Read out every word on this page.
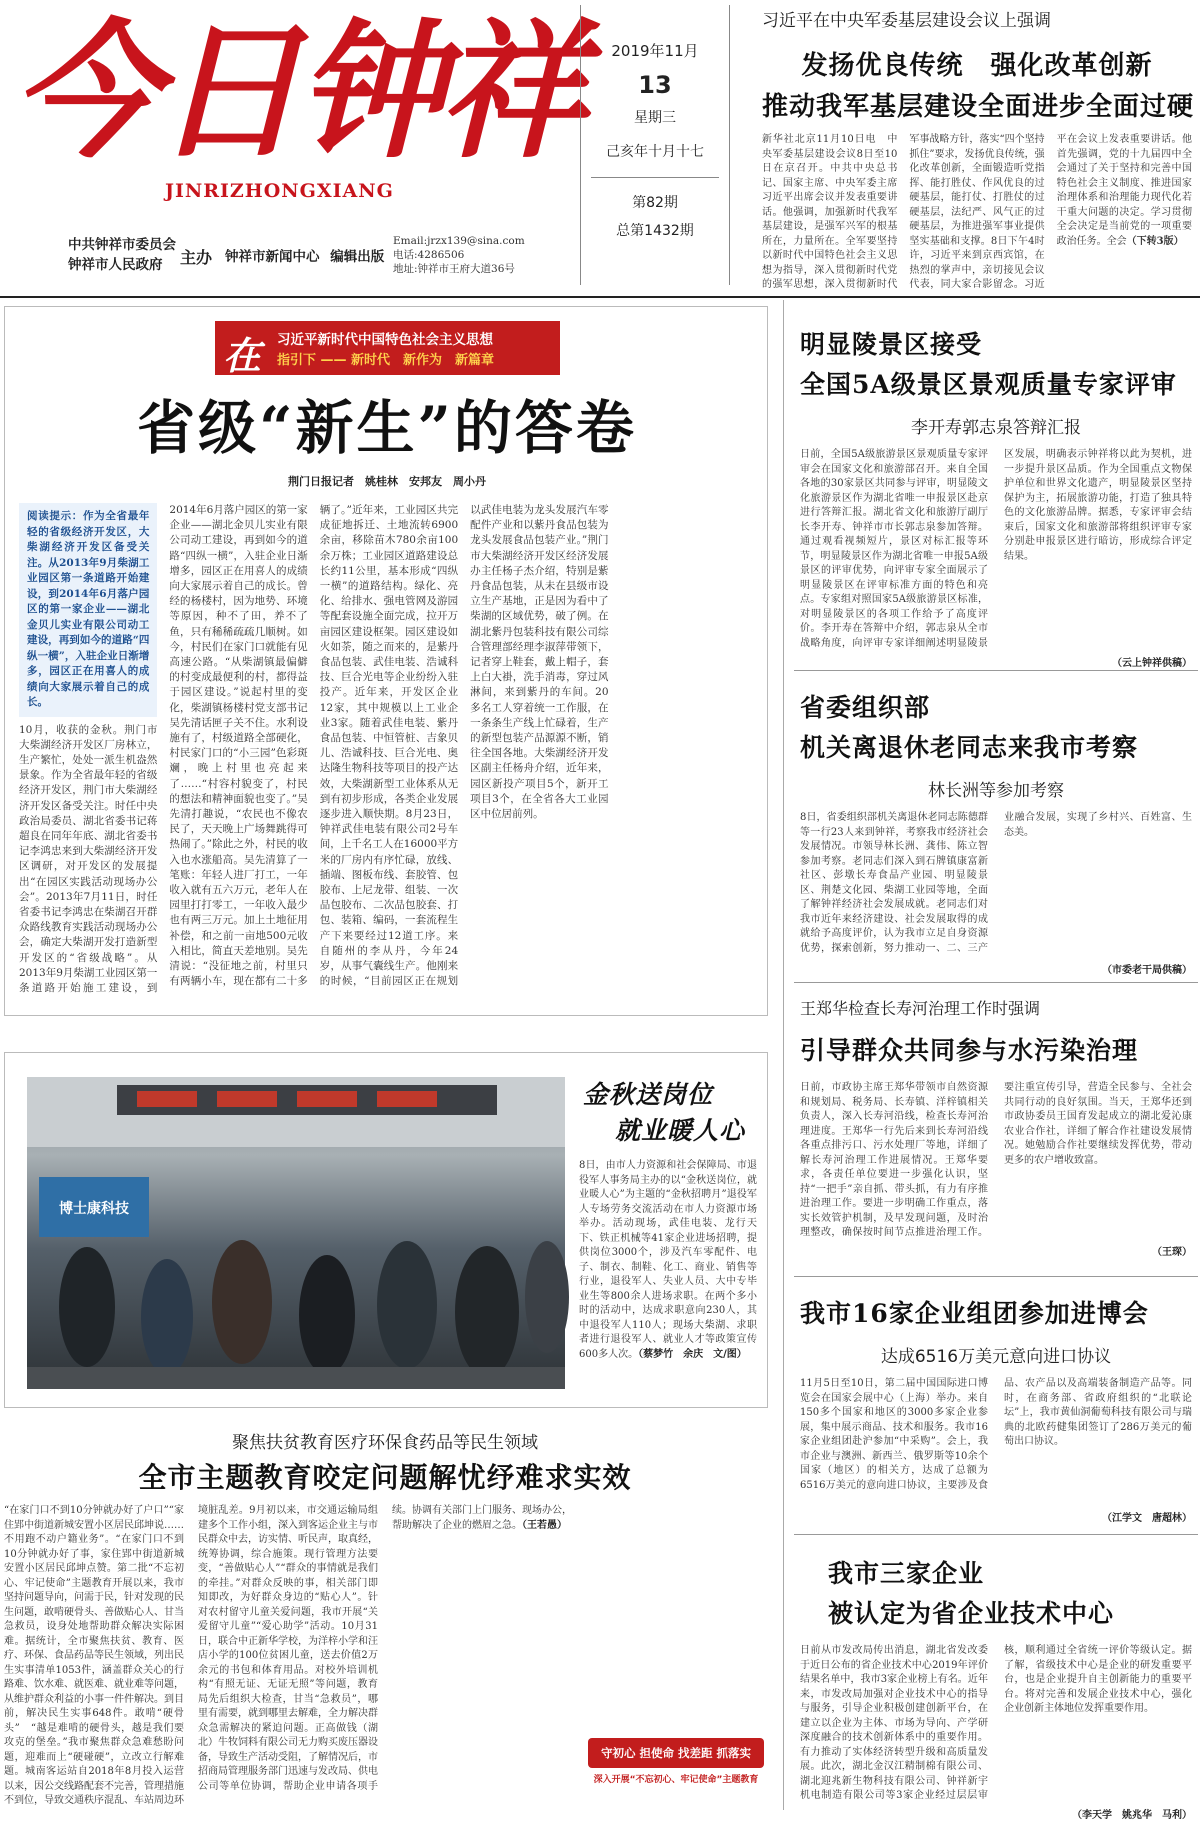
今日钟祥
JINRIZHONGXIANG
中共钟祥市委员会
钟祥市人民政府	主办 钟祥市新闻中心 编辑出版
Email:jrzx139@sina.com
电话:4286506
地址:钟祥市王府大道36号
2019年11月
13
星期三
己亥年十月十七
第82期
总第1432期
习近平在中央军委基层建设会议上强调
发扬优良传统　强化改革创新
推动我军基层建设全面进步全面过硬
新华社北京11月10日电　中央军委基层建设会议8日至10日在京召开。中共中央总书记、国家主席、中央军委主席习近平出席会议并发表重要讲话。他强调，加强新时代我军基层建设，是强军兴军的根基所在，力量所在。全军要坚持以新时代中国特色社会主义思想为指导，深入贯彻新时代党的强军思想，深入贯彻新时代军事战略方针，落实“四个坚持抓住”要求，发扬优良传统，强化改革创新，全面锻造听党指挥、能打胜仗、作风优良的过硬基层，能打仗、打胜仗的过硬基层，法纪严、风气正的过硬基层，为推进强军事业提供坚实基础和支撑。8日下午4时许，习近平来到京西宾馆，在热烈的掌声中，亲切接见会议代表，同大家合影留念。习近平在会议上发表重要讲话。他首先强调，党的十九届四中全会通过了关于坚持和完善中国特色社会主义制度、推进国家治理体系和治理能力现代化若干重大问题的决定。学习贯彻全会决定是当前党的一项重要政治任务。全会（下转3版）
在 习近平新时代中国特色社会主义思想
指引下 —— 新时代　新作为　新篇章
省级“新生”的答卷
荆门日报记者　姚桂林　安邦友　周小丹
阅读提示：作为全省最年轻的省级经济开发区，大柴湖经济开发区备受关注。从2013年9月柴湖工业园区第一条道路开始建设，到2014年6月落户园区的第一家企业——湖北金贝儿实业有限公司动工建设，再到如今的道路“四纵一横”，入驻企业日渐增多，园区正在用喜人的成绩向大家展示着自己的成长。
10月，收获的金秋。荆门市大柴湖经济开发区厂房林立，生产繁忙，处处一派生机盎然景象。作为全省最年轻的省级经济开发区，荆门市大柴湖经济开发区备受关注。时任中央政治局委员、湖北省委书记蒋超良在同年年底、湖北省委书记李鸿忠来到大柴湖经济开发区调研，对开发区的发展提出“在园区实践活动现场办公会”。2013年7月11日，时任省委书记李鸿忠在柴湖召开群众路线教育实践活动现场办公会，确定大柴湖开发打造新型开发区的“省级战略”。从2013年9月柴湖工业园区第一条道路开始施工建设，到2014年6月落户园区的第一家企业——湖北金贝儿实业有限公司动工建设，再到如今的道路“四纵一横”，入驻企业日渐增多，园区正在用喜人的成绩向大家展示着自己的成长。曾经的杨楼村，因为地势、环境等原因，种不了田，养不了鱼，只有稀稀疏疏几顺树。如今，村民们在家门口就能有见高速公路。“从柴湖镇最偏僻的村变成最便利的村，都得益于园区建设。”说起村里的变化，柴湖镇杨楼村党支部书记吴先清话匣子关不住。水利设施有了，村级道路全部硬化，村民家门口的“小三园”色彩斑斓，晚上村里也亮起来了……“村容村貌变了，村民的想法和精神面貌也变了。”吴先清打趣说，“农民也不像农民了，天天晚上广场舞跳得可热闹了。”除此之外，村民的收入也水涨船高。吴先清算了一笔账：年轻人进厂打工，一年收入就有五六万元，老年人在园里打打零工，一年收入最少也有两三万元。加上土地征用补偿，和之前一亩地500元收入相比，简直天差地别。吴先清说：“没征地之前，村里只有两辆小车，现在都有二十多辆了。”近年来，工业园区共完成征地拆迁、土地流转6900余亩，移除苗木780余亩100余万株；工业园区道路建设总长约11公里，基本形成“四纵一横”的道路结构。绿化、亮化、给排水、强电管网及游园等配套设施全面完成，拉开万亩园区建设框架。园区建设如火如荼，随之而来的，是紫丹食品包装、武佳电装、浩诚科技、巨合光电等企业纷纷入驻投产。近年来，开发区企业12家，其中规模以上工业企业3家。随着武佳电装、紫丹食品包装、中恒管桩、吉象贝儿、浩诚科技、巨合光电、奥达隆生物科技等项目的投产达效，大柴湖新型工业体系从无到有初步形成，各类企业发展逐步进入顺快期。8月23日，钟祥武佳电装有限公司2号车间，上千名工人在16000平方米的厂房内有序忙碌，放线、插端、图板布线、套胶管、包胶布、上尼龙带、组装、一次品包胶布、二次品包胶套、打包、装箱、编码，一套流程生产下来要经过12道工序。来自随州的李从丹，今年24岁，从事气囊线生产。他刚来的时候，“目前园区正在规划以武佳电装为龙头发展汽车零配件产业和以紫丹食品包装为龙头发展食品包装产业。”荆门市大柴湖经济开发区经济发展办主任杨子杰介绍，特别是紫丹食品包装，从未在县级市设立生产基地，正是因为看中了柴湖的区域优势，破了例。在湖北紫丹包装科技有限公司综合管理部经理李淑萍带领下，记者穿上鞋套，戴上帽子，套上白大褂，洗手消毒，穿过风淋间，来到紫丹的车间。20多名工人穿着统一工作服，在一条条生产线上忙碌着，生产的新型包装产品源源不断，销往全国各地。大柴湖经济开发区副主任杨舟介绍，近年来，园区新投产项目5个，新开工项目3个，在全省各大工业园区中位居前列。
博士康科技
金秋送岗位
就业暖人心
8日，由市人力资源和社会保障局、市退役军人事务局主办的以“金秋送岗位，就业暖人心”为主题的“金秋招聘月”退役军人专场劳务交流活动在市人力资源市场举办。活动现场，武佳电装、龙行天下、铁正机械等41家企业进场招聘，提供岗位3000个，涉及汽车零配件、电子、制衣、制鞋、化工、商业、销售等行业，退役军人、失业人员、大中专毕业生等800余人进场求职。在两个多小时的活动中，达成求职意向230人，其中退役军人110人；现场大柴湖、求职者进行退役军人、就业人才等政策宣传600多人次。（蔡梦竹　余庆　文/图）
聚焦扶贫教育医疗环保食药品等民生领域
全市主题教育咬定问题解忧纾难求实效
“在家门口不到10分钟就办好了户口”“家住郢中街道新城安置小区居民邱坤说……不用跑不动户籍业务”。“在家门口不到10分钟就办好了事，家住郢中街道新城安置小区居民邱坤点赞。第二批“不忘初心、牢记使命”主题教育开展以来，我市坚持问题导向，问需于民，针对发现的民生问题，敢啃硬骨头、善做贴心人、甘当急救员，设身处地帮助群众解决实际困难。据统计，全市聚焦扶贫、教育、医疗、环保、食品药品等民生领域，列出民生实事清单1053件，涵盖群众关心的行路难、饮水难、就医难、就业难等问题，从维护群众利益的小事一件件解决。到目前，解决民生实事648件。敢啃“硬骨头”　“越是难啃的硬骨头，越是我们要攻克的堡垒。”我市聚焦群众急难愁盼问题，迎难而上“硬碰硬”，立改立行解难题。城南客运站自2018年8月投入运营以来，因公交线路配套不完善，管理措施不到位，导致交通秩序混乱、车站周边环境脏乱差。9月初以来，市交通运输局组建多个工作小组，深入到客运企业主与市民群众中去，访实情、听民声，取真经，统筹协调，综合施策。现行管理方法要变，“善做贴心人”“群众的事情就是我们的牵挂。”对群众反映的事，相关部门即知即改，为好群众身边的“贴心人”。针对农村留守儿童关爱问题，我市开展“关爱留守儿童”“爱心助学”活动。10月31日，联合中正新华学校，为洋梓小学和汪店小学的100位贫困儿童，送去价值2万余元的书包和体育用品。对校外培训机构“有照无证、无证无照”等问题，教育局先后组织大检查，甘当“急救员”，哪里有需要，就到哪里去解难，全力解决群众急需解决的紧迫问题。正高做钱（湖北）牛牧饲料有限公司无力购买废压器设备，导致生产活动受阻，了解情况后，市招商局管理服务部门迅速与发改局、供电公司等单位协调，帮助企业申请各项手续。协调有关部门上门服务、现场办公，帮助解决了企业的燃眉之急。（王若愚）
守初心 担使命 找差距 抓落实
深入开展“不忘初心、牢记使命”主题教育
明显陵景区接受
全国5A级景区景观质量专家评审
李开寿郭志泉答辩汇报
日前，全国5A级旅游景区景观质量专家评审会在国家文化和旅游部召开。来自全国各地的30家景区共同参与评审，明显陵文化旅游景区作为湖北省唯一申报景区赴京进行答辩汇报。湖北省文化和旅游厅副厅长李开寿、钟祥市市长郭志泉参加答辩。通过观看视频短片，景区对标汇报等环节，明显陵景区作为湖北省唯一申报5A级景区的评审优势，向评审专家全面展示了明显陵景区在评审标准方面的特色和亮点。专家组对照国家5A级旅游景区标准，对明显陵景区的各项工作给予了高度评价。李开寿在答辩中介绍，郭志泉从全市战略角度，向评审专家详细阐述明显陵景区发展，明确表示钟祥将以此为契机，进一步提升景区品质。作为全国重点文物保护单位和世界文化遗产，明显陵景区坚持保护为主，拓展旅游功能，打造了独具特色的文化旅游品牌。据悉，专家评审会结束后，国家文化和旅游部将组织评审专家分别赴申报景区进行暗访，形成综合评定结果。
（云上钟祥供稿）
省委组织部
机关离退休老同志来我市考察
林长洲等参加考察
8日，省委组织部机关离退休老同志陈德群等一行23人来到钟祥，考察我市经济社会发展情况。市领导林长洲、龚伟、陈立智参加考察。老同志们深入到石牌镇康富新社区、彭墩长寿食品产业园、明显陵景区、荆楚文化园、柴湖工业园等地，全面了解钟祥经济社会发展成就。老同志们对我市近年来经济建设、社会发展取得的成就给予高度评价，认为我市立足自身资源优势，探索创新，努力推动一、二、三产业融合发展，实现了乡村兴、百姓富、生态美。
（市委老干局供稿）
王郑华检查长寿河治理工作时强调
引导群众共同参与水污染治理
日前，市政协主席王郑华带领市自然资源和规划局、税务局、长寿镇、洋梓镇相关负责人，深入长寿河沿线，检查长寿河治理进度。王郑华一行先后来到长寿河沿线各重点排污口、污水处理厂等地，详细了解长寿河治理工作进展情况。王郑华要求，各责任单位要进一步强化认识，坚持“一把手”亲自抓、带头抓，有力有序推进治理工作。要进一步明确工作重点，落实长效管护机制，及早发现问题，及时治理整改，确保按时间节点推进治理工作。要注重宣传引导，营造全民参与、全社会共同行动的良好氛围。当天，王郑华还到市政协委员王国育发起成立的湖北爱沁康农业合作社，详细了解合作社建设发展情况。她勉励合作社要继续发挥优势，带动更多的农户增收致富。
（王琛）
我市16家企业组团参加进博会
达成6516万美元意向进口协议
11月5日至10日，第二届中国国际进口博览会在国家会展中心（上海）举办。来自150多个国家和地区的3000多家企业参展，集中展示商品、技术和服务。我市16家企业组团赴沪参加“中采购”。会上，我市企业与澳洲、新西兰、俄罗斯等10余个国家（地区）的相关方，达成了总额为6516万美元的意向进口协议，主要涉及食品、农产品以及高端装备制造产品等。同时，在商务部、省政府组织的“北联论坛”上，我市黄仙洞葡萄科技有限公司与瑞典的北欧药健集团签订了286万美元的葡萄出口协议。
（江学文　唐超林）
我市三家企业
被认定为省企业技术中心
日前从市发改局传出消息，湖北省发改委于近日公布的省企业技术中心2019年评价结果名单中，我市3家企业榜上有名。近年来，市发改局加强对企业技术中心的指导与服务，引导企业积极创建创新平台，在建立以企业为主体、市场为导向、产学研深度融合的技术创新体系中的重要作用。有力推动了实体经济转型升级和高质量发展。此次，湖北金汉江精制棉有限公司、湖北迎兆新生物科技有限公司、钟祥新宇机电制造有限公司等3家企业经过层层审核，顺利通过全省统一评价等级认定。据了解，省级技术中心是企业的研发重要平台，也是企业提升自主创新能力的重要平台。将对完善和发展企业技术中心，强化企业创新主体地位发挥重要作用。
（李天学　姚兆华　马利）
